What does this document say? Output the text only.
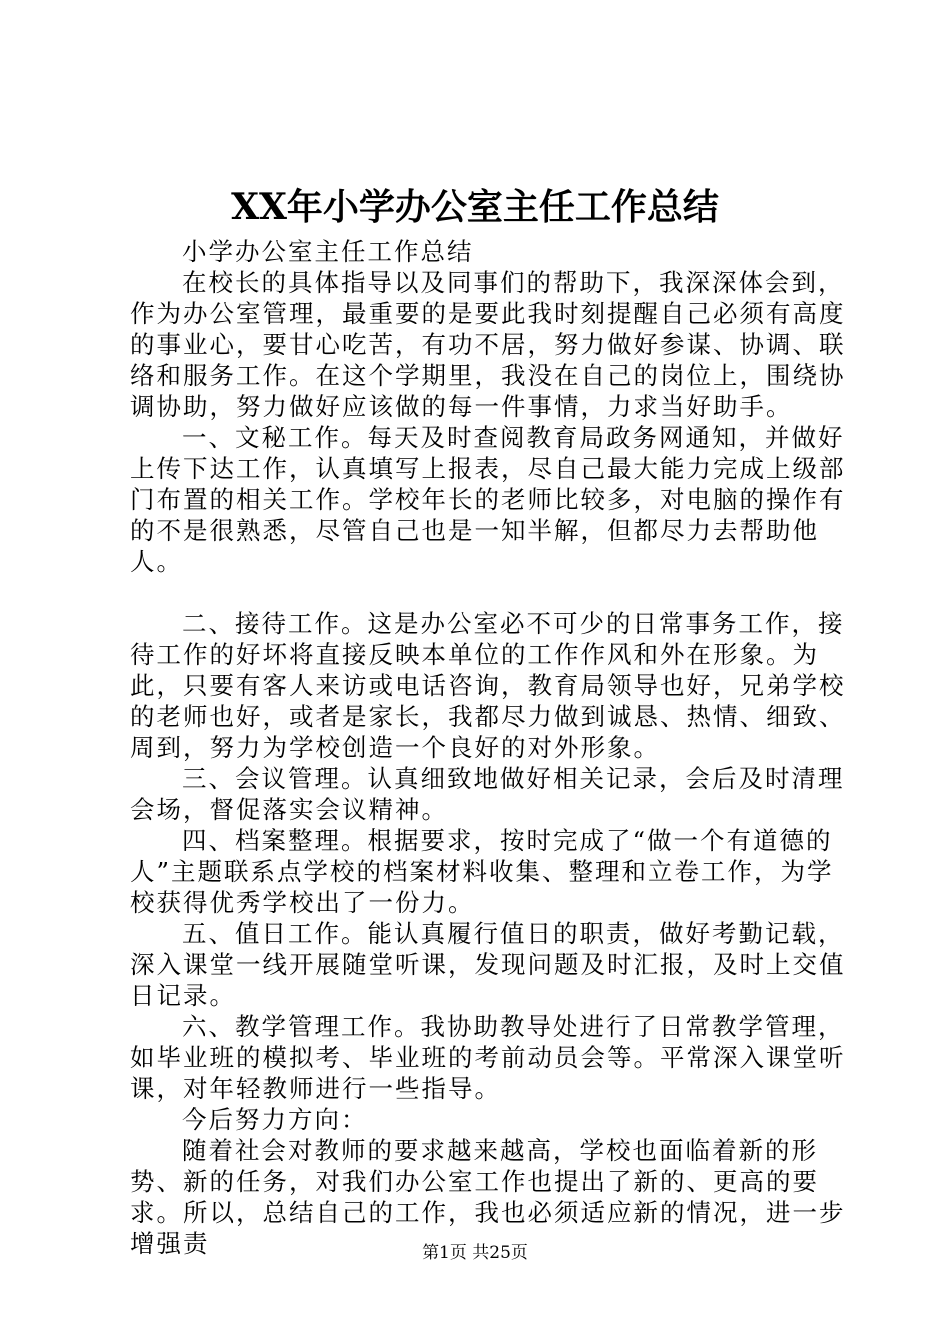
XX年小学办公室主任工作总结

小学办公室主任工作总结

在校长的具体指导以及同事们的帮助下，我深深体会到，作为办公室管理，最重要的是要此我时刻提醒自己必须有高度的事业心，要甘心吃苦，有功不居，努力做好参谋、协调、联络和服务工作。在这个学期里，我没在自己的岗位上，围绕协调协助，努力做好应该做的每一件事情，力求当好助手。

一、文秘工作。每天及时查阅教育局政务网通知，并做好上传下达工作，认真填写上报表，尽自己最大能力完成上级部门布置的相关工作。学校年长的老师比较多，对电脑的操作有的不是很熟悉，尽管自己也是一知半解，但都尽力去帮助他人。

二、接待工作。这是办公室必不可少的日常事务工作，接待工作的好坏将直接反映本单位的工作作风和外在形象。为此，只要有客人来访或电话咨询，教育局领导也好，兄弟学校的老师也好，或者是家长，我都尽力做到诚恳、热情、细致、周到，努力为学校创造一个良好的对外形象。

三、会议管理。认真细致地做好相关记录，会后及时清理会场，督促落实会议精神。

四、档案整理。根据要求，按时完成了“做一个有道德的人”主题联系点学校的档案材料收集、整理和立卷工作，为学校获得优秀学校出了一份力。

五、值日工作。能认真履行值日的职责，做好考勤记载，深入课堂一线开展随堂听课，发现问题及时汇报，及时上交值日记录。

六、教学管理工作。我协助教导处进行了日常教学管理，如毕业班的模拟考、毕业班的考前动员会等。平常深入课堂听课，对年轻教师进行一些指导。

今后努力方向：

随着社会对教师的要求越来越高，学校也面临着新的形势、新的任务，对我们办公室工作也提出了新的、更高的要求。所以，总结自己的工作，我也必须适应新的情况，进一步增强责	第1页 共25页
